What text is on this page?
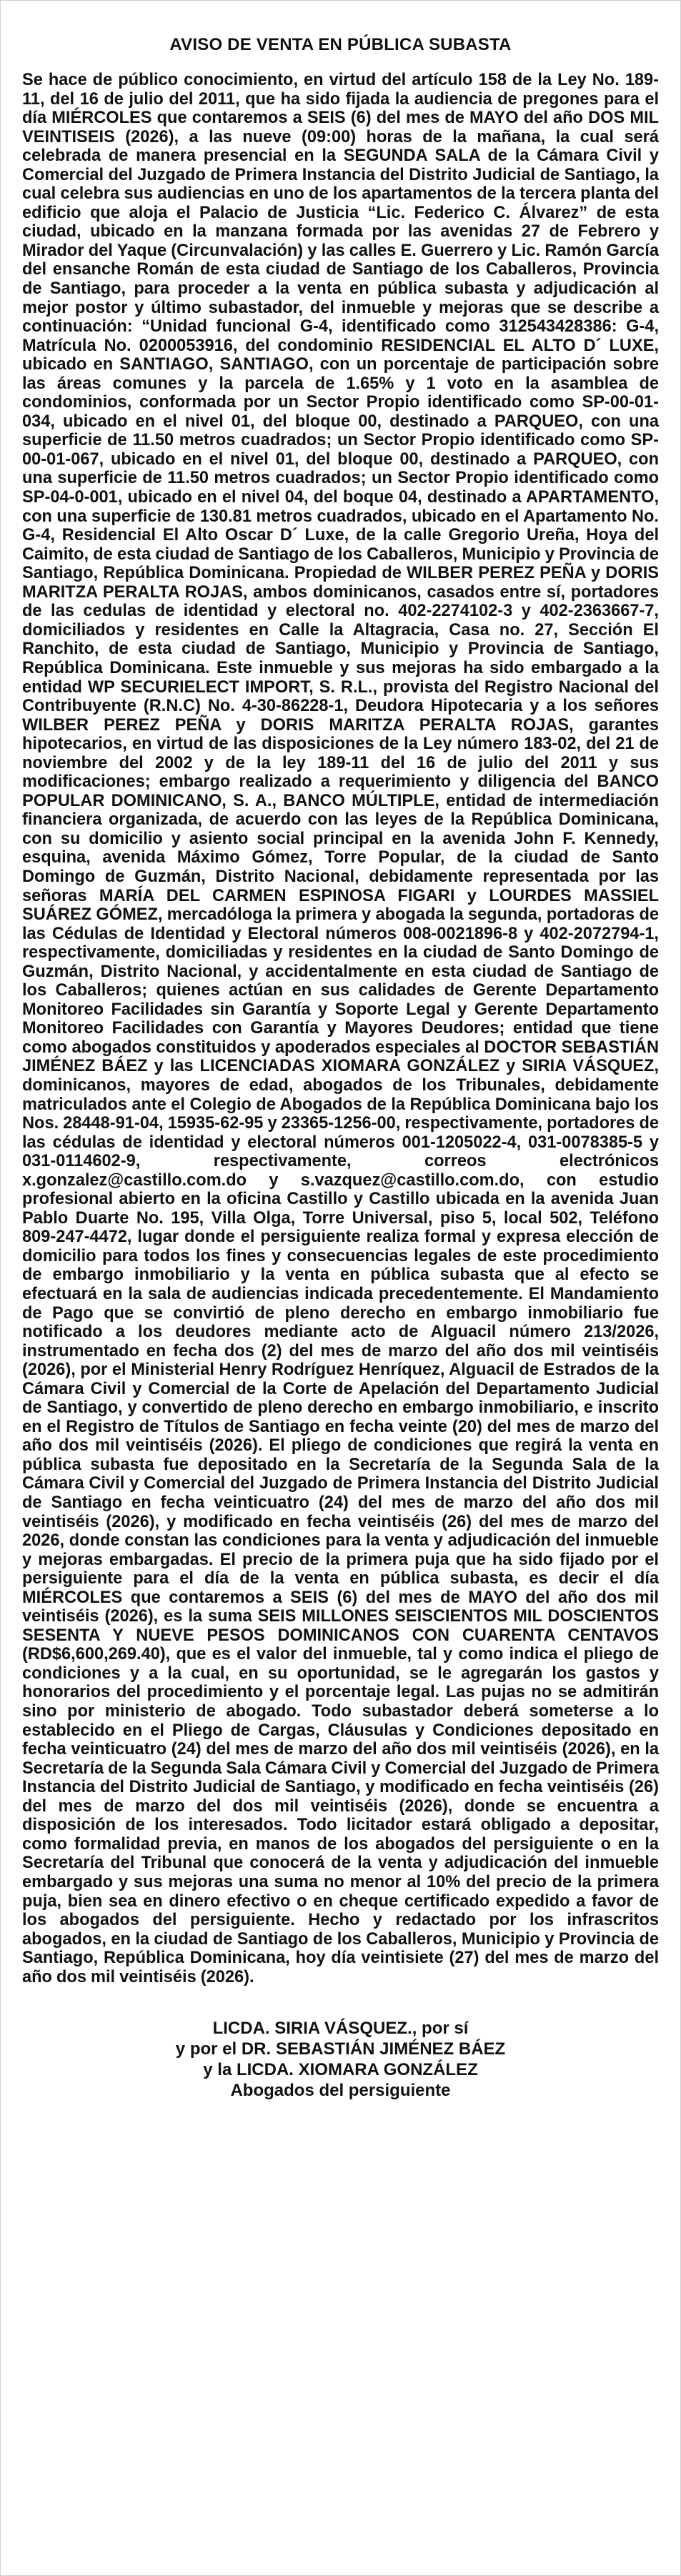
AVISO DE VENTA EN PÚBLICA SUBASTA

Se hace de público conocimiento, en virtud del artículo 158 de la Ley No. 189-11, del 16 de julio del 2011, que ha sido fijada la audiencia de pregones para el día MIÉRCOLES que contaremos a SEIS (6) del mes de MAYO del año DOS MIL VEINTISEIS (2026), a las nueve (09:00) horas de la mañana, la cual será celebrada de manera presencial en la SEGUNDA SALA de la Cámara Civil y Comercial del Juzgado de Primera Instancia del Distrito Judicial de Santiago, la cual celebra sus audiencias en uno de los apartamentos de la tercera planta del edificio que aloja el Palacio de Justicia “Lic. Federico C. Álvarez” de esta ciudad, ubicado en la manzana formada por las avenidas 27 de Febrero y Mirador del Yaque (Circunvalación) y las calles E. Guerrero y Lic. Ramón García del ensanche Román de esta ciudad de Santiago de los Caballeros, Provincia de Santiago, para proceder a la venta en pública subasta y adjudicación al mejor postor y último subastador, del inmueble y mejoras que se describe a continuación: “Unidad funcional G-4, identificado como 312543428386: G-4, Matrícula No. 0200053916, del condominio RESIDENCIAL EL ALTO D´ LUXE, ubicado en SANTIAGO, SANTIAGO, con un porcentaje de participación sobre las áreas comunes y la parcela de 1.65% y 1 voto en la asamblea de condominios, conformada por un Sector Propio identificado como SP-00-01-034, ubicado en el nivel 01, del bloque 00, destinado a PARQUEO, con una superficie de 11.50 metros cuadrados; un Sector Propio identificado como SP-00-01-067, ubicado en el nivel 01, del bloque 00, destinado a PARQUEO, con una superficie de 11.50 metros cuadrados; un Sector Propio identificado como SP-04-0-001, ubicado en el nivel 04, del boque 04, destinado a APARTAMENTO, con una superficie de 130.81 metros cuadrados, ubicado en el Apartamento No. G-4, Residencial El Alto Oscar D´ Luxe, de la calle Gregorio Ureña, Hoya del Caimito, de esta ciudad de Santiago de los Caballeros, Municipio y Provincia de Santiago, República Dominicana. Propiedad de WILBER PEREZ PEÑA y DORIS MARITZA PERALTA ROJAS, ambos dominicanos, casados entre sí, portadores de las cedulas de identidad y electoral no. 402-2274102-3 y 402-2363667-7, domiciliados y residentes en Calle la Altagracia, Casa no. 27, Sección El Ranchito, de esta ciudad de Santiago, Municipio y Provincia de Santiago, República Dominicana. Este inmueble y sus mejoras ha sido embargado a la entidad WP SECURIELECT IMPORT, S. R.L., provista del Registro Nacional del Contribuyente (R.N.C) No. 4-30-86228-1, Deudora Hipotecaria y a los señores WILBER PEREZ PEÑA y DORIS MARITZA PERALTA ROJAS, garantes hipotecarios, en virtud de las disposiciones de la Ley número 183-02, del 21 de noviembre del 2002 y de la ley 189-11 del 16 de julio del 2011 y sus modificaciones; embargo realizado a requerimiento y diligencia del BANCO POPULAR DOMINICANO, S. A., BANCO MÚLTIPLE, entidad de intermediación financiera organizada, de acuerdo con las leyes de la República Dominicana, con su domicilio y asiento social principal en la avenida John F. Kennedy, esquina, avenida Máximo Gómez, Torre Popular, de la ciudad de Santo Domingo de Guzmán, Distrito Nacional, debidamente representada por las señoras MARÍA DEL CARMEN ESPINOSA FIGARI y LOURDES MASSIEL SUÁREZ GÓMEZ, mercadóloga la primera y abogada la segunda, portadoras de las Cédulas de Identidad y Electoral números 008-0021896-8 y 402-2072794-1, respectivamente, domiciliadas y residentes en la ciudad de Santo Domingo de Guzmán, Distrito Nacional, y accidentalmente en esta ciudad de Santiago de los Caballeros; quienes actúan en sus calidades de Gerente Departamento Monitoreo Facilidades sin Garantía y Soporte Legal y Gerente Departamento Monitoreo Facilidades con Garantía y Mayores Deudores; entidad que tiene como abogados constituidos y apoderados especiales al DOCTOR SEBASTIÁN JIMÉNEZ BÁEZ y las LICENCIADAS XIOMARA GONZÁLEZ y SIRIA VÁSQUEZ, dominicanos, mayores de edad, abogados de los Tribunales, debidamente matriculados ante el Colegio de Abogados de la República Dominicana bajo los Nos. 28448-91-04, 15935-62-95 y 23365-1256-00, respectivamente, portadores de las cédulas de identidad y electoral números 001-1205022-4, 031-0078385-5 y 031-0114602-9, respectivamente, correos electrónicos x.gonzalez@castillo.com.do y s.vazquez@castillo.com.do, con estudio profesional abierto en la oficina Castillo y Castillo ubicada en la avenida Juan Pablo Duarte No. 195, Villa Olga, Torre Universal, piso 5, local 502, Teléfono 809-247-4472, lugar donde el persiguiente realiza formal y expresa elección de domicilio para todos los fines y consecuencias legales de este procedimiento de embargo inmobiliario y la venta en pública subasta que al efecto se efectuará en la sala de audiencias indicada precedentemente. El Mandamiento de Pago que se convirtió de pleno derecho en embargo inmobiliario fue notificado a los deudores mediante acto de Alguacil número 213/2026, instrumentado en fecha dos (2) del mes de marzo del año dos mil veintiséis (2026), por el Ministerial Henry Rodríguez Henríquez, Alguacil de Estrados de la Cámara Civil y Comercial de la Corte de Apelación del Departamento Judicial de Santiago, y convertido de pleno derecho en embargo inmobiliario, e inscrito en el Registro de Títulos de Santiago en fecha veinte (20) del mes de marzo del año dos mil veintiséis (2026). El pliego de condiciones que regirá la venta en pública subasta fue depositado en la Secretaría de la Segunda Sala de la Cámara Civil y Comercial del Juzgado de Primera Instancia del Distrito Judicial de Santiago en fecha veinticuatro (24) del mes de marzo del año dos mil veintiséis (2026), y modificado en fecha veintiséis (26) del mes de marzo del 2026, donde constan las condiciones para la venta y adjudicación del inmueble y mejoras embargadas. El precio de la primera puja que ha sido fijado por el persiguiente para el día de la venta en pública subasta, es decir el día MIÉRCOLES que contaremos a SEIS (6) del mes de MAYO del año dos mil veintiséis (2026), es la suma SEIS MILLONES SEISCIENTOS MIL DOSCIENTOS SESENTA Y NUEVE PESOS DOMINICANOS CON CUARENTA CENTAVOS (RD$6,600,269.40), que es el valor del inmueble, tal y como indica el pliego de condiciones y a la cual, en su oportunidad, se le agregarán los gastos y honorarios del procedimiento y el porcentaje legal. Las pujas no se admitirán sino por ministerio de abogado. Todo subastador deberá someterse a lo establecido en el Pliego de Cargas, Cláusulas y Condiciones depositado en fecha veinticuatro (24) del mes de marzo del año dos mil veintiséis (2026), en la Secretaría de la Segunda Sala Cámara Civil y Comercial del Juzgado de Primera Instancia del Distrito Judicial de Santiago, y modificado en fecha veintiséis (26) del mes de marzo del dos mil veintiséis (2026), donde se encuentra a disposición de los interesados. Todo licitador estará obligado a depositar, como formalidad previa, en manos de los abogados del persiguiente o en la Secretaría del Tribunal que conocerá de la venta y adjudicación del inmueble embargado y sus mejoras una suma no menor al 10% del precio de la primera puja, bien sea en dinero efectivo o en cheque certificado expedido a favor de los abogados del persiguiente. Hecho y redactado por los infrascritos abogados, en la ciudad de Santiago de los Caballeros, Municipio y Provincia de Santiago, República Dominicana, hoy día veintisiete (27) del mes de marzo del año dos mil veintiséis (2026).

LICDA. SIRIA VÁSQUEZ., por sí
y por el DR. SEBASTIÁN JIMÉNEZ BÁEZ
y la LICDA. XIOMARA GONZÁLEZ
Abogados del persiguiente
